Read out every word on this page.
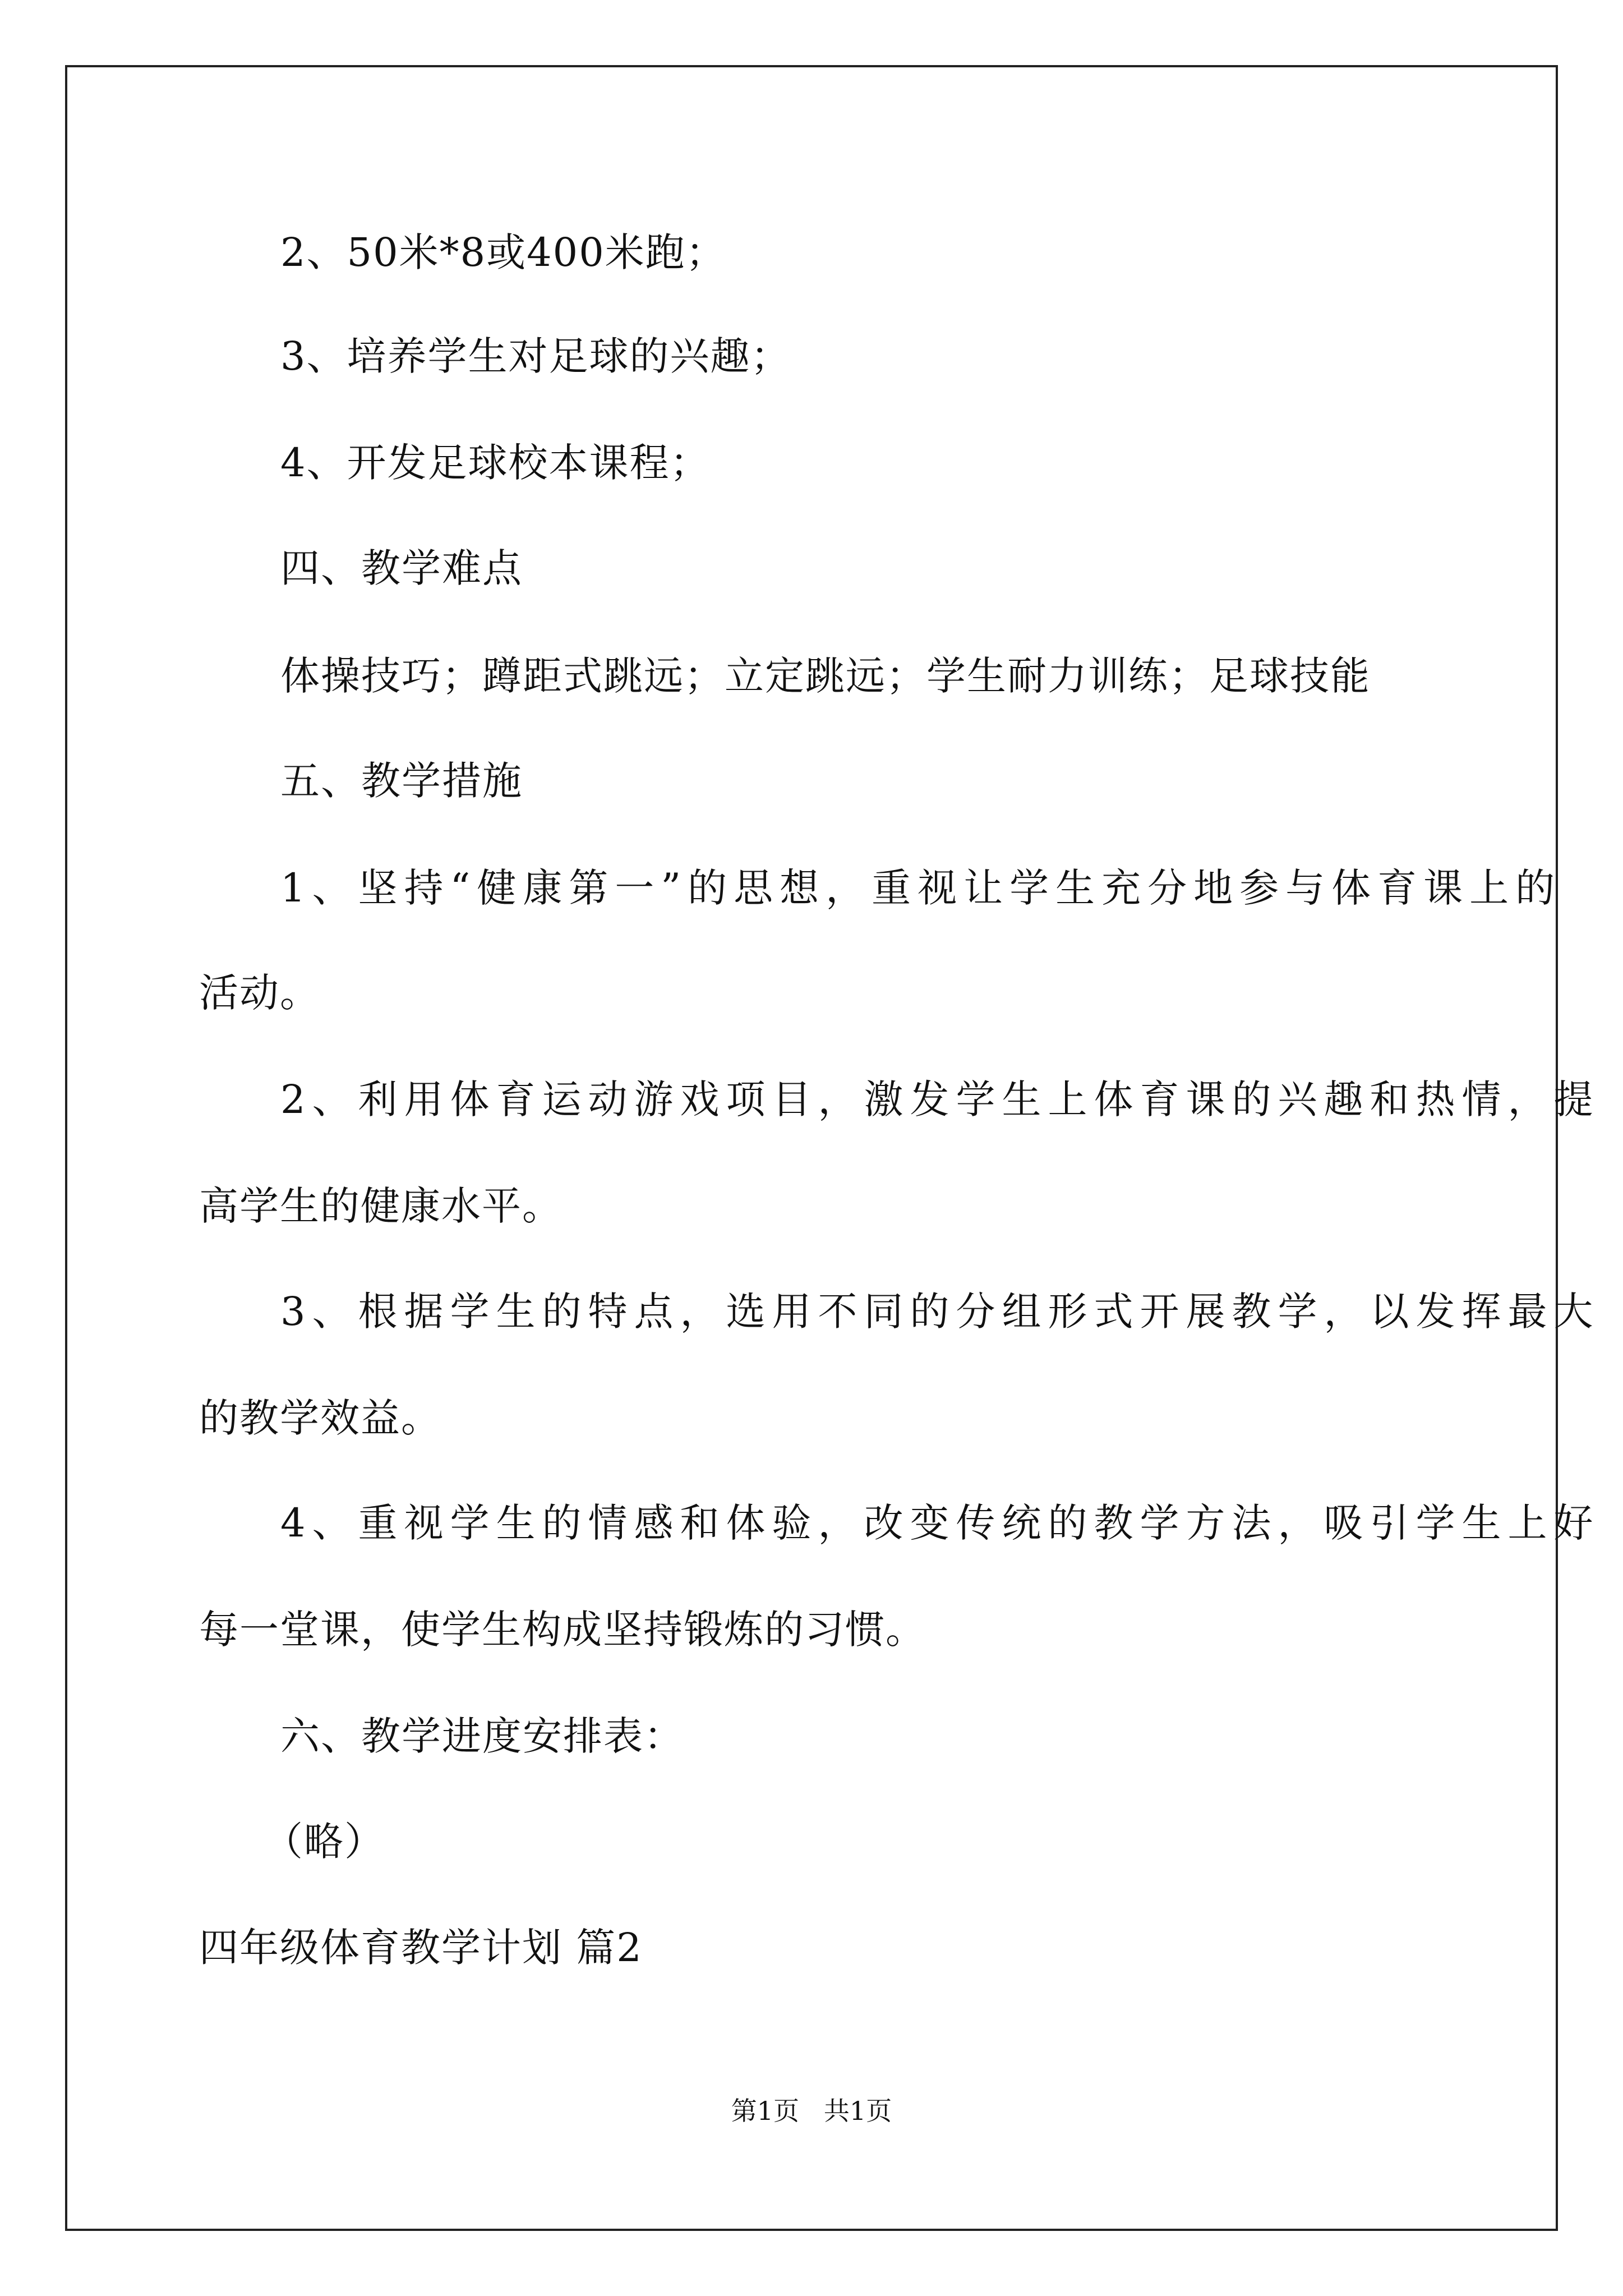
2、50米*8或400米跑；
3、培养学生对足球的兴趣；
4、开发足球校本课程；
四、教学难点
体操技巧；蹲距式跳远；立定跳远；学生耐力训练；足球技能
五、教学措施
1、坚持“健康第一”的思想，重视让学生充分地参与体育课上的
活动。
2、利用体育运动游戏项目，激发学生上体育课的兴趣和热情，提
高学生的健康水平。
3、根据学生的特点，选用不同的分组形式开展教学，以发挥最大
的教学效益。
4、重视学生的情感和体验，改变传统的教学方法，吸引学生上好
每一堂课，使学生构成坚持锻炼的习惯。
六、教学进度安排表：
（略）
四年级体育教学计划 篇2
第1页   共1页
